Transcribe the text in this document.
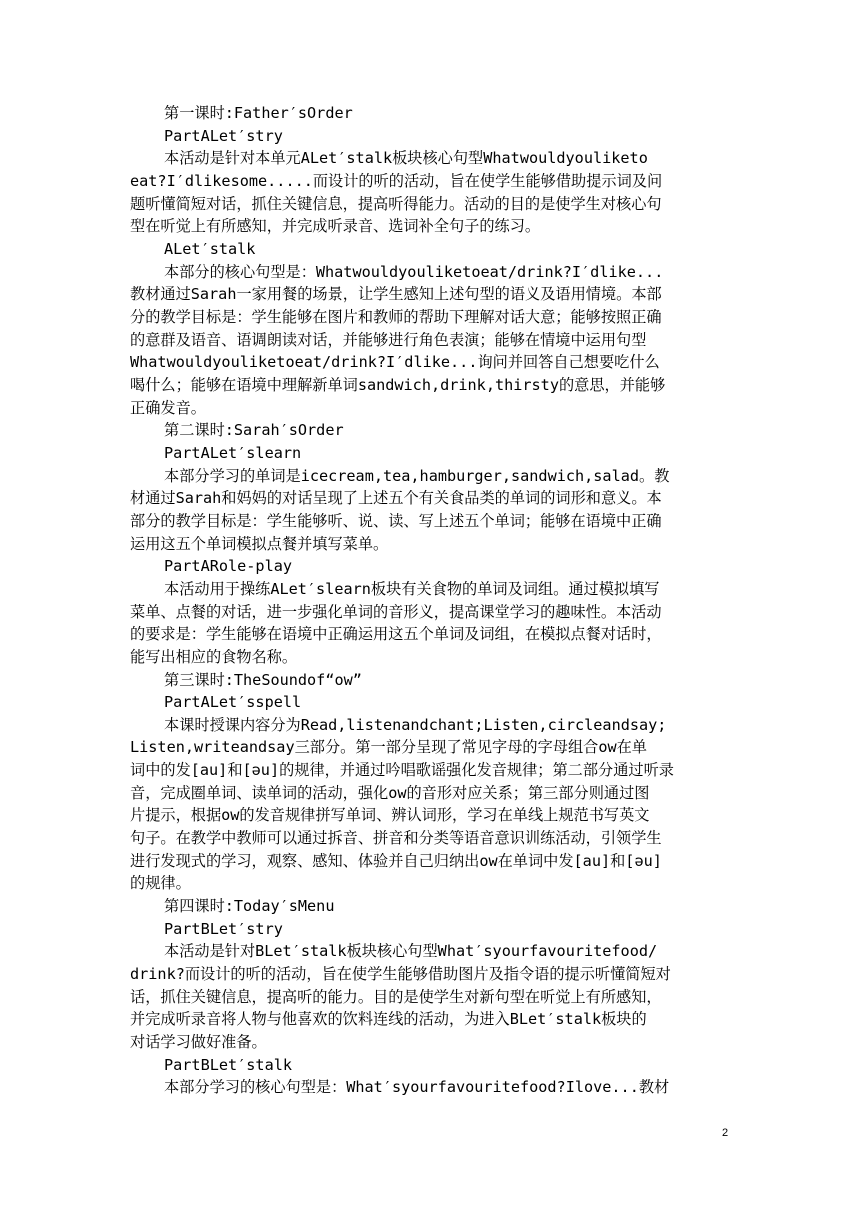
第一课时:Father′sOrder
PartALet′stry
本活动是针对本单元ALet′stalk板块核心句型Whatwouldyouliketo
eat?I′dlikesome.....而设计的听的活动，旨在使学生能够借助提示词及问
题听懂简短对话，抓住关键信息，提高听得能力。活动的目的是使学生对核心句
型在听觉上有所感知，并完成听录音、选词补全句子的练习。
ALet′stalk
本部分的核心句型是：Whatwouldyouliketoeat/drink?I′dlike...
教材通过Sarah一家用餐的场景，让学生感知上述句型的语义及语用情境。本部
分的教学目标是：学生能够在图片和教师的帮助下理解对话大意；能够按照正确
的意群及语音、语调朗读对话，并能够进行角色表演；能够在情境中运用句型
Whatwouldyouliketoeat/drink?I′dlike...询问并回答自己想要吃什么
喝什么；能够在语境中理解新单词sandwich,drink,thirsty的意思，并能够
正确发音。
第二课时:Sarah′sOrder
PartALet′slearn
本部分学习的单词是icecream,tea,hamburger,sandwich,salad。教
材通过Sarah和妈妈的对话呈现了上述五个有关食品类的单词的词形和意义。本
部分的教学目标是：学生能够听、说、读、写上述五个单词；能够在语境中正确
运用这五个单词模拟点餐并填写菜单。
PartARole-play
本活动用于操练ALet′slearn板块有关食物的单词及词组。通过模拟填写
菜单、点餐的对话，进一步强化单词的音形义，提高课堂学习的趣味性。本活动
的要求是：学生能够在语境中正确运用这五个单词及词组，在模拟点餐对话时，
能写出相应的食物名称。
第三课时:TheSoundof“ow”
PartALet′sspell
本课时授课内容分为Read,listenandchant;Listen,circleandsay;
Listen,writeandsay三部分。第一部分呈现了常见字母的字母组合ow在单
词中的发[au]和[əu]的规律，并通过吟唱歌谣强化发音规律；第二部分通过听录
音，完成圈单词、读单词的活动，强化ow的音形对应关系；第三部分则通过图
片提示，根据ow的发音规律拼写单词、辨认词形，学习在单线上规范书写英文
句子。在教学中教师可以通过拆音、拼音和分类等语音意识训练活动，引领学生
进行发现式的学习，观察、感知、体验并自己归纳出ow在单词中发[au]和[əu]
的规律。
第四课时:Today′sMenu
PartBLet′stry
本活动是针对BLet′stalk板块核心句型What′syourfavouritefood/
drink?而设计的听的活动，旨在使学生能够借助图片及指令语的提示听懂简短对
话，抓住关键信息，提高听的能力。目的是使学生对新句型在听觉上有所感知，
并完成听录音将人物与他喜欢的饮料连线的活动，为进入BLet′stalk板块的
对话学习做好准备。
PartBLet′stalk
本部分学习的核心句型是：What′syourfavouritefood?Ilove...教材
2
